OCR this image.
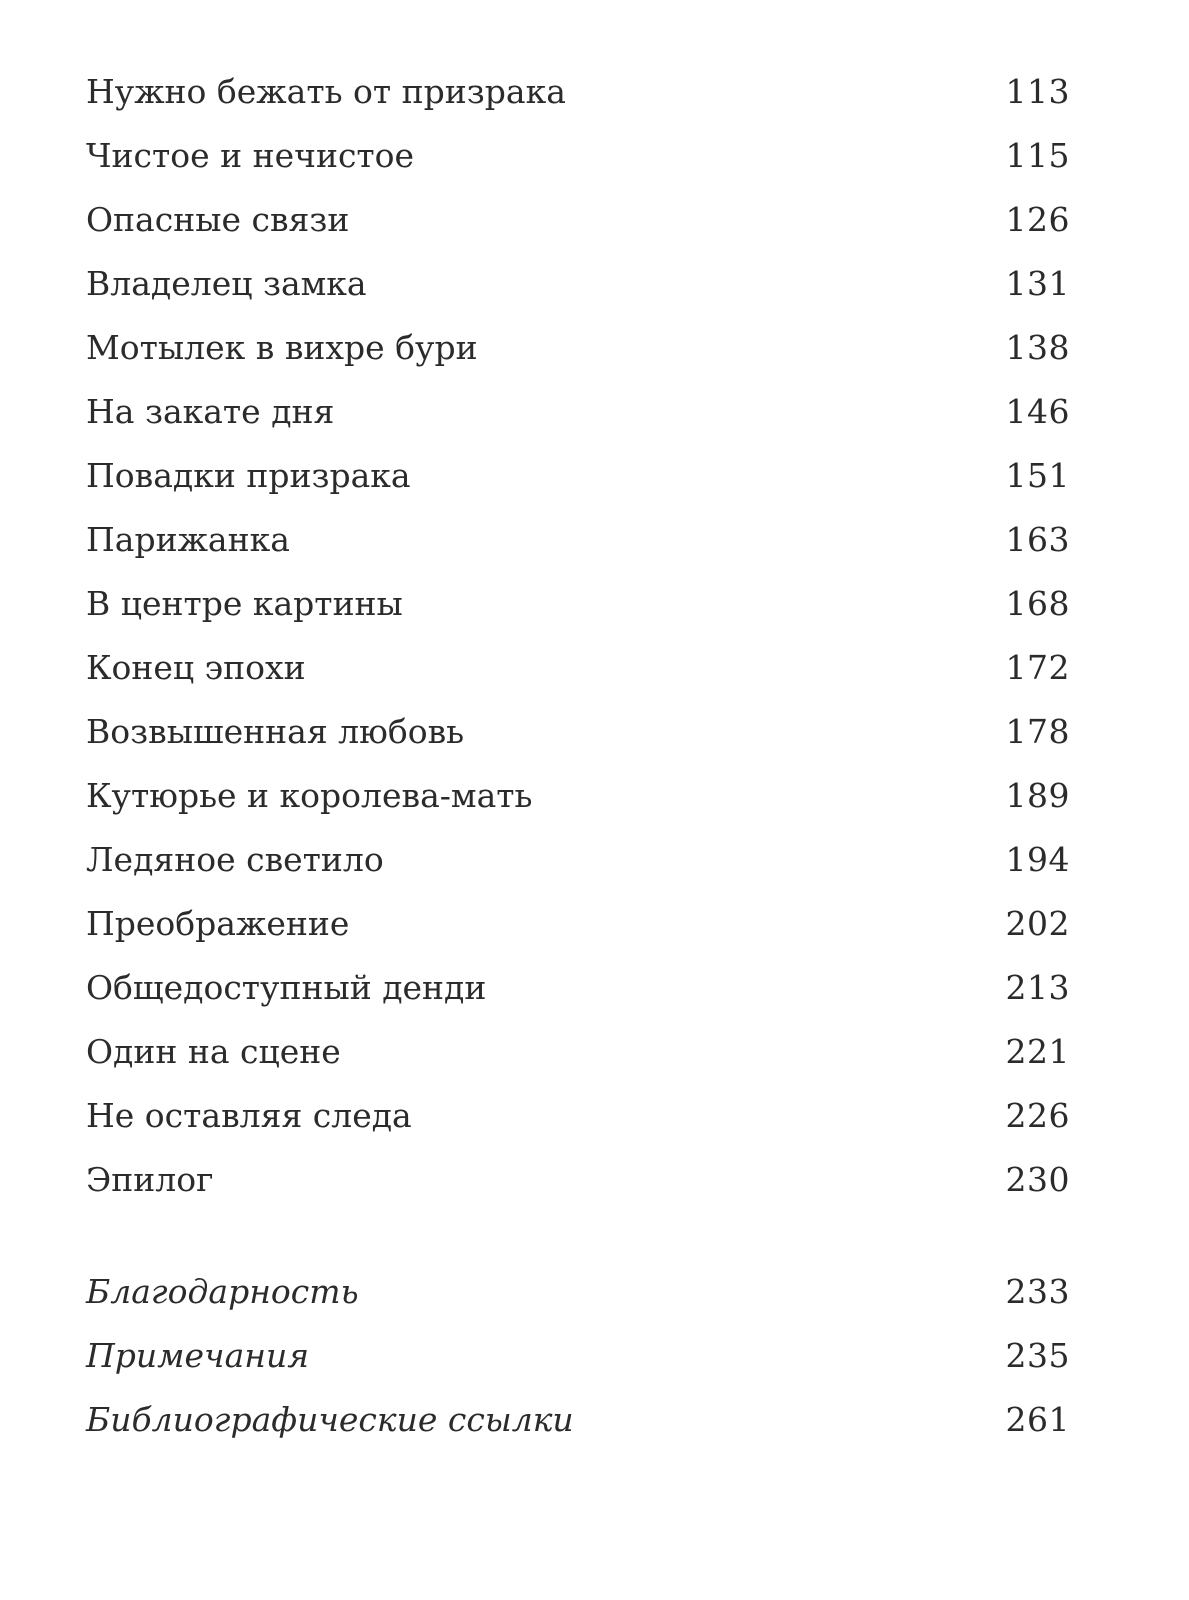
Нужно бежать от призрака	113
Чистое и нечистое	115
Опасные связи	126
Владелец замка	131
Мотылек в вихре бури	138
На закате дня	146
Повадки призрака	151
Парижанка	163
В центре картины	168
Конец эпохи	172
Возвышенная любовь	178
Кутюрье и королева-мать	189
Ледяное светило	194
Преображение	202
Общедоступный денди	213
Один на сцене	221
Не оставляя следа	226
Эпилог	230
Благодарность	233
Примечания	235
Библиографические ссылки	261
